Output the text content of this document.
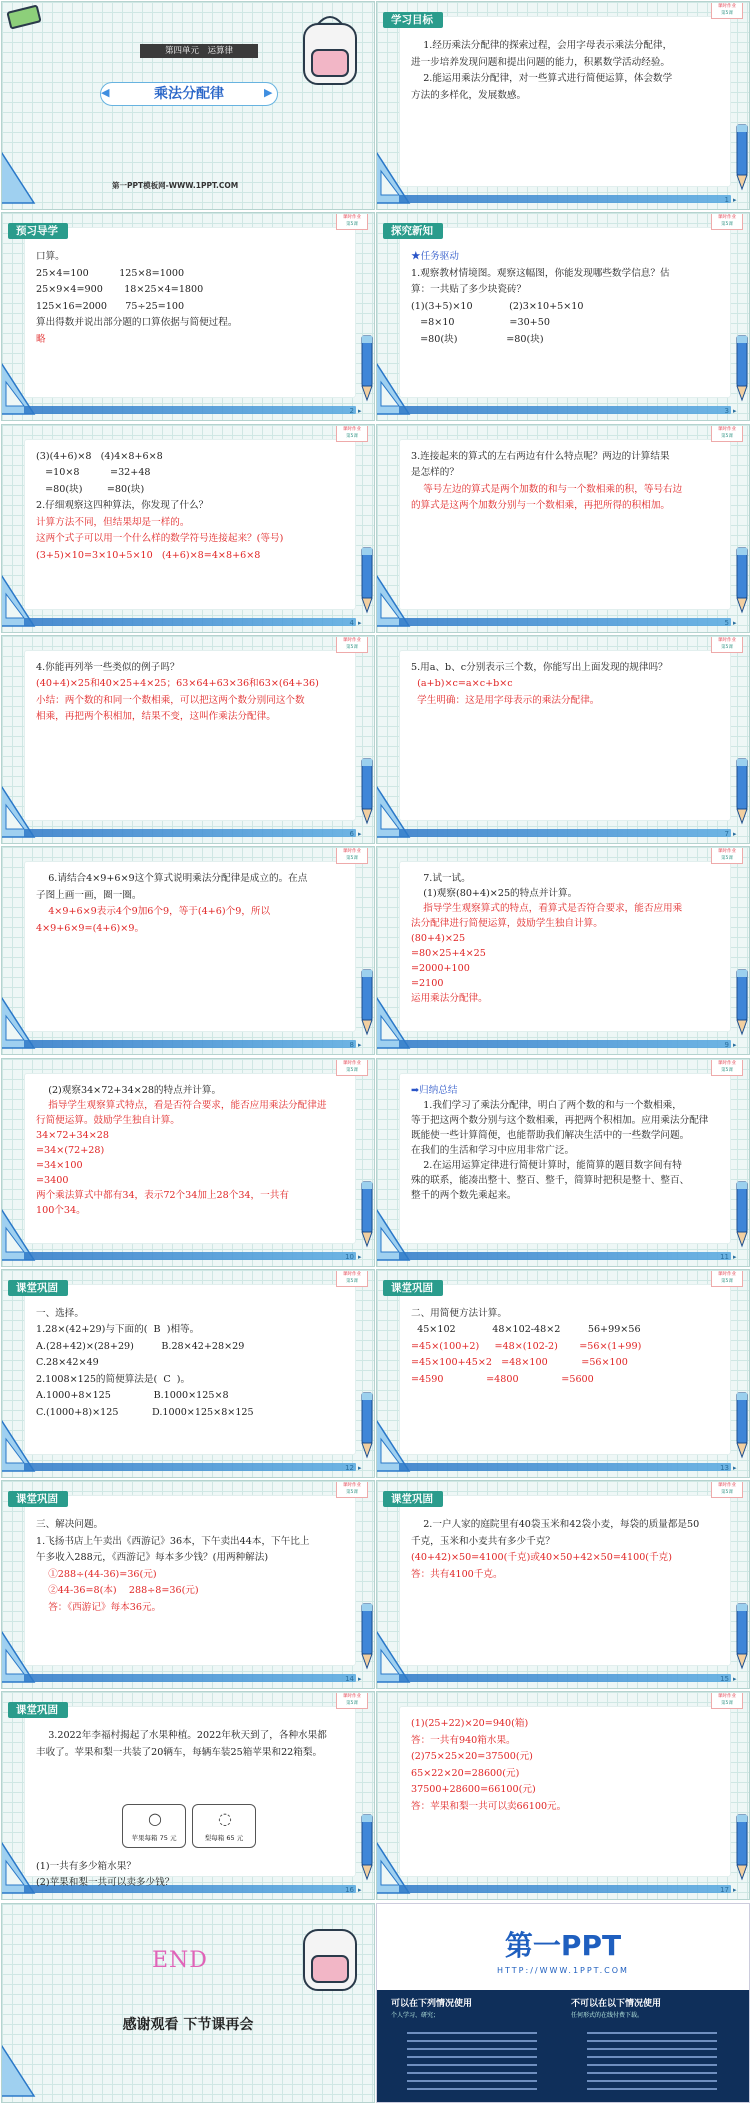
第四单元　运算律
乘法分配律
◀	▶
第一PPT模板网-WWW.1PPT.COM
学习目标
1.经历乘法分配律的探索过程，会用字母表示乘法分配律，
进一步培养发现问题和提出问题的能力，积累数学活动经验。
2.能运用乘法分配律，对一些算式进行简便运算，体会数学
方法的多样化，发展数感。
1 ▸
课时作业
第5课
预习导学
口算。
25×4=100          125×8=1000
25×9×4=900       18×25×4=1800
125×16=2000      75÷25=100
算出得数并说出部分题的口算依据与简便过程。
略
2 ▸
课时作业
第5课
探究新知
★任务驱动
1.观察教材情境图。观察这幅图，你能发现哪些数学信息？估
算：一共贴了多少块瓷砖？
(1)(3+5)×10            (2)3×10+5×10
=8×10                  =30+50
=80(块)                =80(块)
3 ▸
课时作业
第5课
(3)(4+6)×8   (4)4×8+6×8
=10×8          =32+48
=80(块)        =80(块)
2.仔细观察这四种算法，你发现了什么？
计算方法不同，但结果却是一样的。
这两个式子可以用一个什么样的数学符号连接起来？(等号)
(3+5)×10=3×10+5×10   (4+6)×8=4×8+6×8
4 ▸
课时作业
第5课
3.连接起来的算式的左右两边有什么特点呢？两边的计算结果
是怎样的？
等号左边的算式是两个加数的和与一个数相乘的积，等号右边
的算式是这两个加数分别与一个数相乘，再把所得的积相加。
5 ▸
课时作业
第5课
4.你能再列举一些类似的例子吗？
(40+4)×25和40×25+4×25；63×64+63×36和63×(64+36)
小结：两个数的和同一个数相乘，可以把这两个数分别同这个数
相乘，再把两个积相加，结果不变，这叫作乘法分配律。
6 ▸
课时作业
第5课
5.用a、b、c分别表示三个数，你能写出上面发现的规律吗？
(a+b)×c=a×c+b×c
学生明确：这是用字母表示的乘法分配律。
7 ▸
课时作业
第5课
6.请结合4×9+6×9这个算式说明乘法分配律是成立的。在点
子图上画一画，圈一圈。
4×9+6×9表示4个9加6个9，等于(4+6)个9，所以
4×9+6×9=(4+6)×9。
8 ▸
课时作业
第5课
7.试一试。
(1)观察(80+4)×25的特点并计算。
指导学生观察算式的特点，看算式是否符合要求，能否应用乘
法分配律进行简便运算，鼓励学生独自计算。
(80+4)×25
=80×25+4×25
=2000+100
=2100
运用乘法分配律。
9 ▸
课时作业
第5课
(2)观察34×72+34×28的特点并计算。
指导学生观察算式特点，看是否符合要求，能否应用乘法分配律进
行简便运算。鼓励学生独自计算。
34×72+34×28
=34×(72+28)
=34×100
=3400
两个乘法算式中都有34，表示72个34加上28个34，一共有
100个34。
10 ▸
课时作业
第5课
➡归纳总结
1.我们学习了乘法分配律，明白了两个数的和与一个数相乘，
等于把这两个数分别与这个数相乘，再把两个积相加。应用乘法分配律
既能使一些计算简便，也能帮助我们解决生活中的一些数学问题。
在我们的生活和学习中应用非常广泛。
2.在运用运算定律进行简便计算时，能简算的题目数字间有特
殊的联系，能凑出整十、整百、整千，简算时把积是整十、整百、
整千的两个数先乘起来。
11 ▸
课时作业
第5课
课堂巩固
一、选择。
1.28×(42+29)与下面的(  B  )相等。
A.(28+42)×(28+29)         B.28×42+28×29
C.28×42×49
2.1008×125的简便算法是(  C  )。
A.1000+8×125              B.1000×125×8
C.(1000+8)×125           D.1000×125×8×125
12 ▸
课时作业
第5课
课堂巩固
二、用简便方法计算。
45×102            48×102-48×2         56+99×56
=45×(100+2)     =48×(102-2)       =56×(1+99)
=45×100+45×2   =48×100           =56×100
=4590              =4800              =5600
13 ▸
课时作业
第5课
课堂巩固
三、解决问题。
1.飞扬书店上午卖出《西游记》36本，下午卖出44本，下午比上
午多收入288元，《西游记》每本多少钱？(用两种解法)
①288÷(44-36)=36(元)
②44-36=8(本)    288÷8=36(元)
答：《西游记》每本36元。
14 ▸
课时作业
第5课
课堂巩固
2.一户人家的庭院里有40袋玉米和42袋小麦，每袋的质量都是50
千克，玉米和小麦共有多少千克？
(40+42)×50=4100(千克)或40×50+42×50=4100(千克)
答：共有4100千克。
15 ▸
课时作业
第5课
课堂巩固
3.2022年李福村揭起了水果种植。2022年秋天到了，各种水果都
丰收了。苹果和梨一共装了20辆车，每辆车装25箱苹果和22箱梨。
16 ▸
课时作业
第5课
苹果每箱 75 元
○
梨每箱 65 元
◌
(1)一共有多少箱水果？
(2)苹果和梨一共可以卖多少钱？
(1)(25+22)×20=940(箱)
答：一共有940箱水果。
(2)75×25×20=37500(元)
65×22×20=28600(元)
37500+28600=66100(元)
答：苹果和梨一共可以卖66100元。
17 ▸
课时作业
第5课
END
感谢观看 下节课再会
第一PPT
HTTP://WWW.1PPT.COM
可以在下列情况使用
个人学习、研究；
不可以在以下情况使用
任何形式的在线付费下载。
